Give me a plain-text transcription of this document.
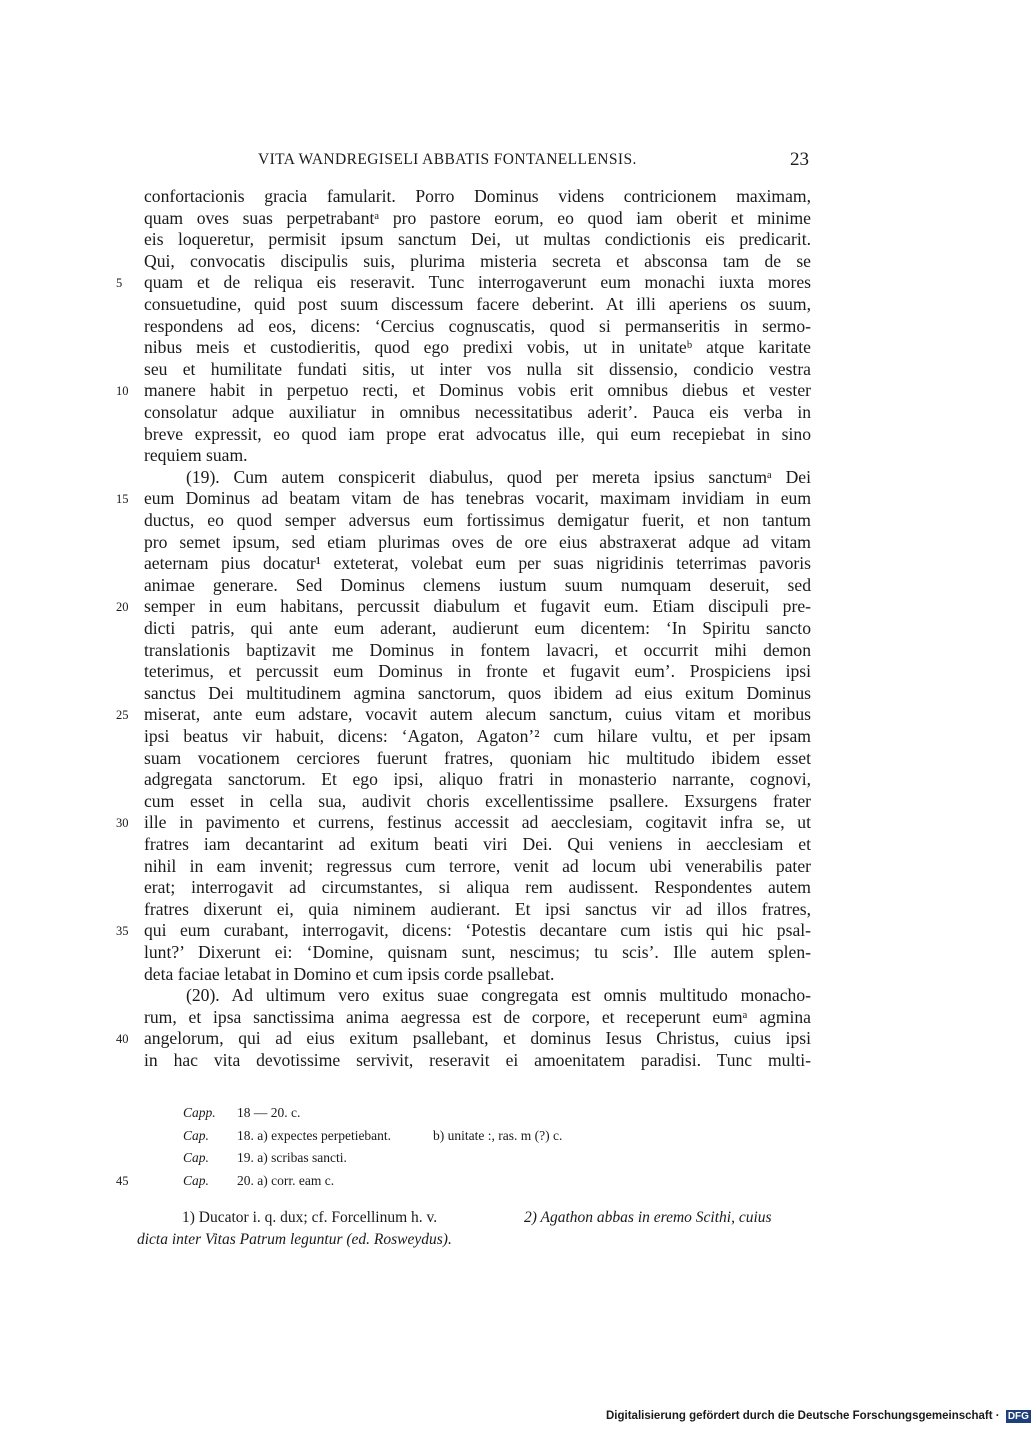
VITA WANDREGISELI ABBATIS FONTANELLENSIS.	23
confortacionis gracia famularit. Porro Dominus videns contricionem maximam,
quam oves suas perpetrabantᵃ pro pastore eorum, eo quod iam oberit et minime
eis loqueretur, permisit ipsum sanctum Dei, ut multas condictionis eis predicarit.
Qui, convocatis discipulis suis, plurima misteria secreta et absconsa tam de se
quam et de reliqua eis reseravit. Tunc interrogaverunt eum monachi iuxta mores
5
consuetudine, quid post suum discessum facere deberint. At illi aperiens os suum,
respondens ad eos, dicens: ‘Cercius cognuscatis, quod si permanseritis in sermo-
nibus meis et custodieritis, quod ego predixi vobis, ut in unitateᵇ atque karitate
seu et humilitate fundati sitis, ut inter vos nulla sit dissensio, condicio vestra
manere habit in perpetuo recti, et Dominus vobis erit omnibus diebus et vester
10
consolatur adque auxiliatur in omnibus necessitatibus aderit’. Pauca eis verba in
breve expressit, eo quod iam prope erat advocatus ille, qui eum recepiebat in sino
requiem suam.
(19). Cum autem conspicerit diabulus, quod per mereta ipsius sanctumᵃ Dei
eum Dominus ad beatam vitam de has tenebras vocarit, maximam invidiam in eum
15
ductus, eo quod semper adversus eum fortissimus demigatur fuerit, et non tantum
pro semet ipsum, sed etiam plurimas oves de ore eius abstraxerat adque ad vitam
aeternam pius docatur¹ exteterat, volebat eum per suas nigridinis teterrimas pavoris
animae generare. Sed Dominus clemens iustum suum numquam deseruit, sed
semper in eum habitans, percussit diabulum et fugavit eum. Etiam discipuli pre-
20
dicti patris, qui ante eum aderant, audierunt eum dicentem: ‘In Spiritu sancto
translationis baptizavit me Dominus in fontem lavacri, et occurrit mihi demon
teterimus, et percussit eum Dominus in fronte et fugavit eum’. Prospiciens ipsi
sanctus Dei multitudinem agmina sanctorum, quos ibidem ad eius exitum Dominus
miserat, ante eum adstare, vocavit autem alecum sanctum, cuius vitam et moribus
25
ipsi beatus vir habuit, dicens: ‘Agaton, Agaton’² cum hilare vultu, et per ipsam
suam vocationem cerciores fuerunt fratres, quoniam hic multitudo ibidem esset
adgregata sanctorum. Et ego ipsi, aliquo fratri in monasterio narrante, cognovi,
cum esset in cella sua, audivit choris excellentissime psallere. Exsurgens frater
ille in pavimento et currens, festinus accessit ad aecclesiam, cogitavit infra se, ut
30
fratres iam decantarint ad exitum beati viri Dei. Qui veniens in aecclesiam et
nihil in eam invenit; regressus cum terrore, venit ad locum ubi venerabilis pater
erat; interrogavit ad circumstantes, si aliqua rem audissent. Respondentes autem
fratres dixerunt ei, quia niminem audierant. Et ipsi sanctus vir ad illos fratres,
qui eum curabant, interrogavit, dicens: ‘Potestis decantare cum istis qui hic psal-
35
lunt?’ Dixerunt ei: ‘Domine, quisnam sunt, nescimus; tu scis’. Ille autem splen-
deta faciae letabat in Domino et cum ipsis corde psallebat.
(20). Ad ultimum vero exitus suae congregata est omnis multitudo monacho-
rum, et ipsa sanctissima anima aegressa est de corpore, et receperunt eumᵃ agmina
angelorum, qui ad eius exitum psallebant, et dominus Iesus Christus, cuius ipsi
40
in hac vita devotissime servivit, reseravit ei amoenitatem paradisi. Tunc multi-
Capp. 18 — 20. c.
Cap. 18. a) expectes perpetiebant.	b) unitate :, ras. m (?) c.
Cap. 19. a) scribas sancti.
Cap. 20. a) corr. eam c.
45
1) Ducator i. q. dux; cf. Forcellinum h. v.	2) Agathon abbas in eremo Scithi, cuius
dicta inter Vitas Patrum leguntur (ed. Rosweydus).
Digitalisierung gefördert durch die Deutsche Forschungsgemeinschaft · DFG
